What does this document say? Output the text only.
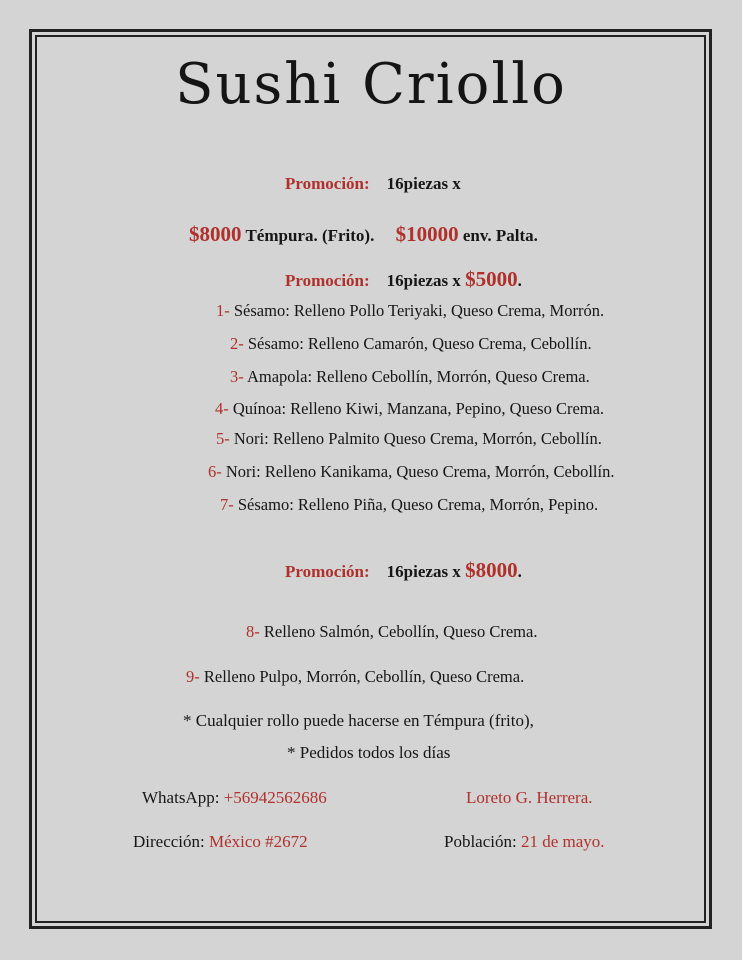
Sushi Criollo
Promoción: 16piezas x
$8000 Témpura. (Frito). $10000 env. Palta.
Promoción: 16piezas x $5000.
1- Sésamo: Relleno Pollo Teriyaki, Queso Crema, Morrón.
2- Sésamo: Relleno Camarón, Queso Crema, Cebollín.
3- Amapola: Relleno Cebollín, Morrón, Queso Crema.
4- Quínoa: Relleno Kiwi, Manzana, Pepino, Queso Crema.
5- Nori: Relleno Palmito Queso Crema, Morrón, Cebollín.
6- Nori: Relleno Kanikama, Queso Crema, Morrón, Cebollín.
7- Sésamo: Relleno Piña, Queso Crema, Morrón, Pepino.
Promoción: 16piezas x $8000.
8- Relleno Salmón, Cebollín, Queso Crema.
9- Relleno Pulpo, Morrón, Cebollín, Queso Crema.
* Cualquier rollo puede hacerse en Témpura (frito),
* Pedidos todos los días
WhatsApp: +56942562686	Loreto G. Herrera.
Dirección: México #2672	Población: 21 de mayo.
